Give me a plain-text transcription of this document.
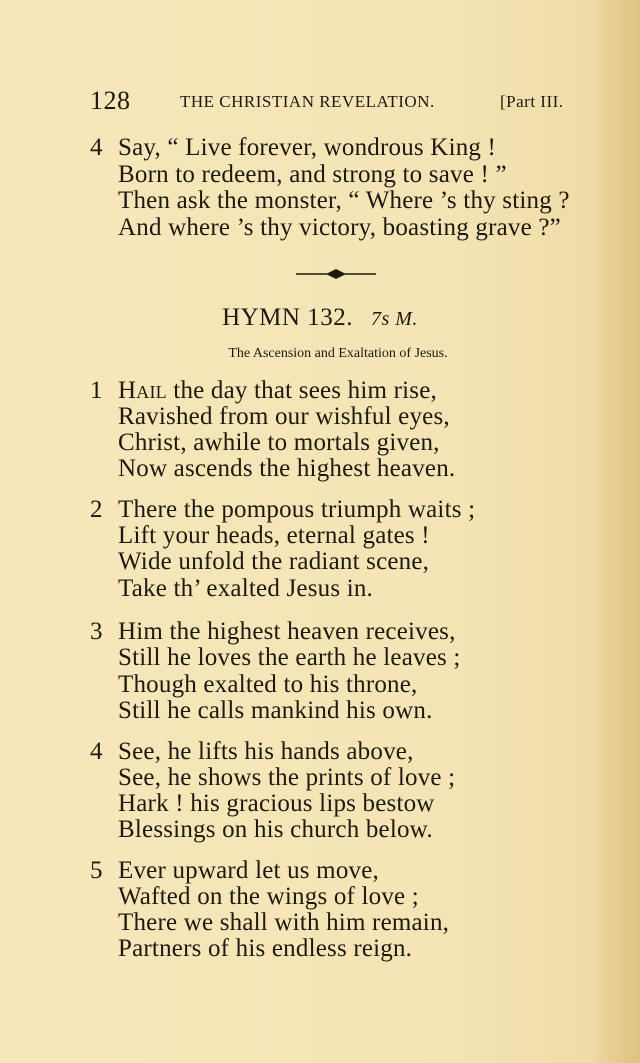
128	THE CHRISTIAN REVELATION.	[Part III.
4 Say, “ Live forever, wondrous King !
Born to redeem, and strong to save ! ”
Then ask the monster, “ Where ’s thy sting ?
And where ’s thy victory, boasting grave ?”
HYMN 132. 7s M.
The Ascension and Exaltation of Jesus.
1 Hail the day that sees him rise,
Ravished from our wishful eyes,
Christ, awhile to mortals given,
Now ascends the highest heaven.
2 There the pompous triumph waits ;
Lift your heads, eternal gates !
Wide unfold the radiant scene,
Take th’ exalted Jesus in.
3 Him the highest heaven receives,
Still he loves the earth he leaves ;
Though exalted to his throne,
Still he calls mankind his own.
4 See, he lifts his hands above,
See, he shows the prints of love ;
Hark ! his gracious lips bestow
Blessings on his church below.
5 Ever upward let us move,
Wafted on the wings of love ;
There we shall with him remain,
Partners of his endless reign.
